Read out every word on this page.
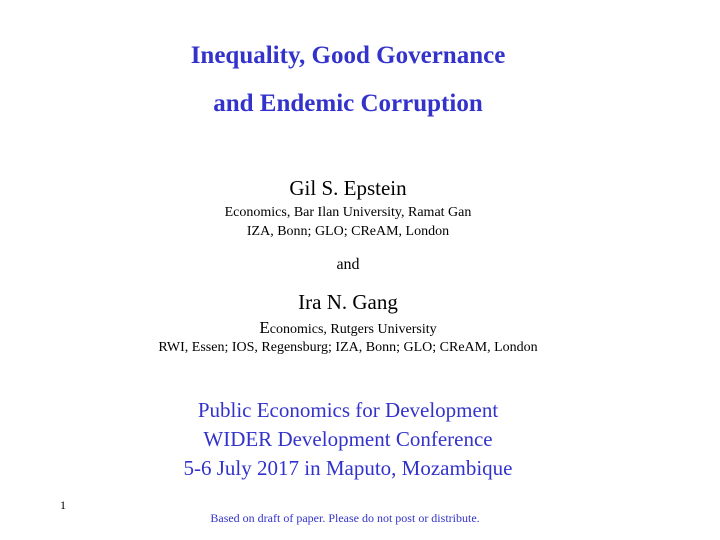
Inequality, Good Governance
and Endemic Corruption
Gil S. Epstein
Economics, Bar Ilan University, Ramat Gan
IZA, Bonn; GLO; CReAM, London
and
Ira N. Gang
Economics, Rutgers University
RWI, Essen; IOS, Regensburg; IZA, Bonn; GLO; CReAM, London
Public Economics for Development
WIDER Development Conference
5-6 July 2017 in Maputo, Mozambique
1
Based on draft of paper. Please do not post or distribute.
